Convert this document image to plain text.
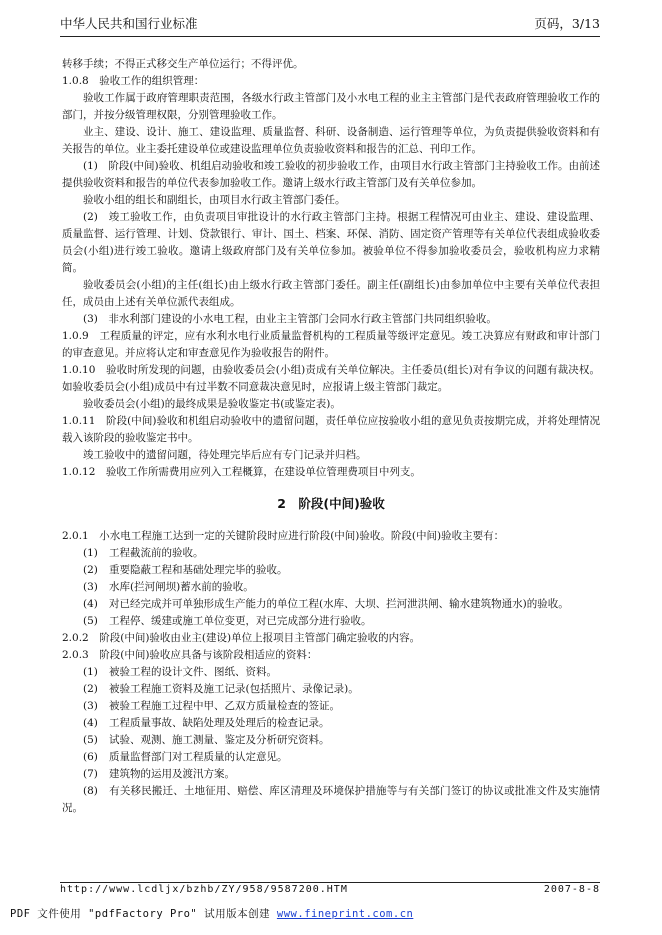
中华人民共和国行业标准	页码，3/13

转移手续；不得正式移交生产单位运行；不得评优。

1.0.8　验收工作的组织管理：

验收工作属于政府管理职责范围，各级水行政主管部门及小水电工程的业主主管部门是代表政府管理验收工作的部门，并按分级管理权限，分别管理验收工作。

业主、建设、设计、施工、建设监理、质量监督、科研、设备制造、运行管理等单位，为负责提供验收资料和有关报告的单位。业主委托建设单位或建设监理单位负责验收资料和报告的汇总、刊印工作。

(1)　阶段(中间)验收、机组启动验收和竣工验收的初步验收工作，由项目水行政主管部门主持验收工作。由前述提供验收资料和报告的单位代表参加验收工作。邀请上级水行政主管部门及有关单位参加。

验收小组的组长和副组长，由项目水行政主管部门委任。

(2)　竣工验收工作，由负责项目审批设计的水行政主管部门主持。根据工程情况可由业主、建设、建设监理、质量监督、运行管理、计划、贷款银行、审计、国土、档案、环保、消防、固定资产管理等有关单位代表组成验收委员会(小组)进行竣工验收。邀请上级政府部门及有关单位参加。被验单位不得参加验收委员会，验收机构应力求精简。

验收委员会(小组)的主任(组长)由上级水行政主管部门委任。副主任(副组长)由参加单位中主要有关单位代表担任，成员由上述有关单位派代表组成。

(3)　非水利部门建设的小水电工程，由业主主管部门会同水行政主管部门共同组织验收。

1.0.9　工程质量的评定，应有水利水电行业质量监督机构的工程质量等级评定意见。竣工决算应有财政和审计部门的审查意见。并应将认定和审查意见作为验收报告的附件。

1.0.10　验收时所发现的问题，由验收委员会(小组)责成有关单位解决。主任委员(组长)对有争议的问题有裁决权。如验收委员会(小组)成员中有过半数不同意裁决意见时，应报请上级主管部门裁定。

验收委员会(小组)的最终成果是验收鉴定书(或鉴定表)。

1.0.11　阶段(中间)验收和机组启动验收中的遗留问题，责任单位应按验收小组的意见负责按期完成，并将处理情况载入该阶段的验收鉴定书中。

竣工验收中的遗留问题，待处理完毕后应有专门记录并归档。

1.0.12　验收工作所需费用应列入工程概算，在建设单位管理费项目中列支。

2　阶段(中间)验收

2.0.1　小水电工程施工达到一定的关键阶段时应进行阶段(中间)验收。阶段(中间)验收主要有：

(1) 工程截流前的验收。

(2) 重要隐蔽工程和基础处理完毕的验收。

(3) 水库(拦河闸坝)蓄水前的验收。

(4) 对已经完成并可单独形成生产能力的单位工程(水库、大坝、拦河泄洪闸、输水建筑物通水)的验收。

(5) 工程停、缓建或施工单位变更，对已完成部分进行验收。

2.0.2　阶段(中间)验收由业主(建设)单位上报项目主管部门确定验收的内容。

2.0.3　阶段(中间)验收应具备与该阶段相适应的资料：

(1) 被验工程的设计文件、图纸、资料。

(2) 被验工程施工资料及施工记录(包括照片、录像记录)。

(3) 被验工程施工过程中甲、乙双方质量检查的签证。

(4) 工程质量事故、缺陷处理及处理后的检查记录。

(5) 试验、观测、施工测量、鉴定及分析研究资料。

(6) 质量监督部门对工程质量的认定意见。

(7) 建筑物的运用及渡汛方案。

(8) 有关移民搬迁、土地征用、赔偿、库区清理及环境保护措施等与有关部门签订的协议或批准文件及实施情况。

http://www.lcdljx/bzhb/ZY/958/9587200.HTM	2007-8-8
PDF 文件使用 "pdfFactory Pro" 试用版本创建 www.fineprint.com.cn
